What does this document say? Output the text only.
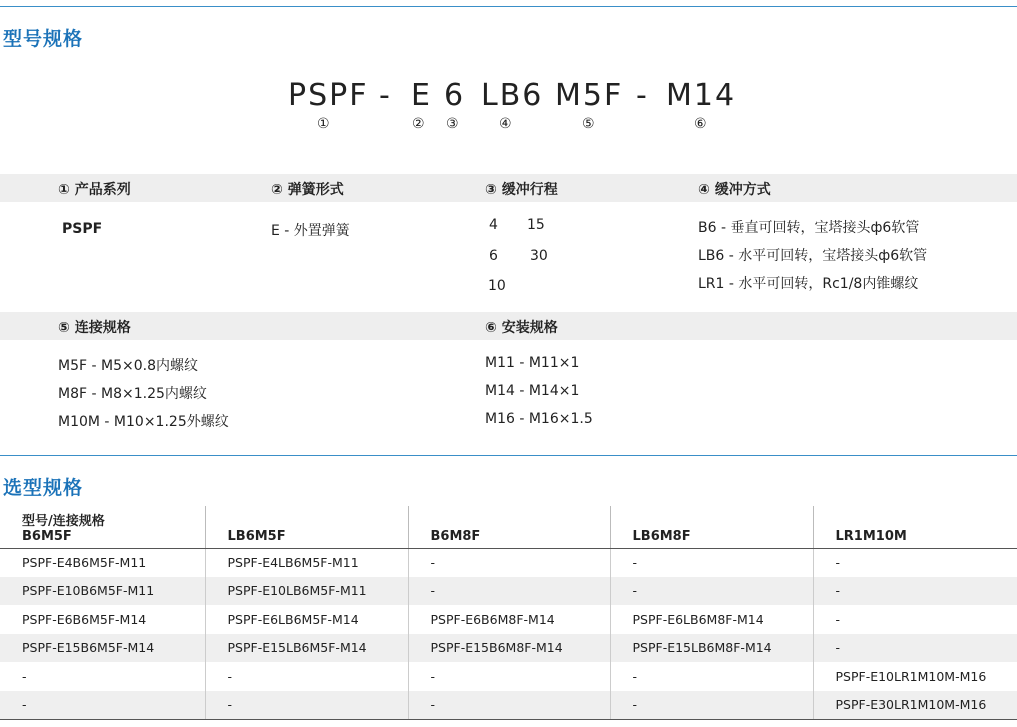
型号规格
PSPF - E 6 LB6 M5F - M14
①	② ③	④	⑤	⑥
① 产品系列	② 弹簧形式	③ 缓冲行程	④ 缓冲方式
PSPF	E - 外置弹簧	4 15
6 30
10
B6 - 垂直可回转，宝塔接头ф6软管
LB6 - 水平可回转，宝塔接头ф6软管
LR1 - 水平可回转，Rc1/8内锥螺纹
⑤ 连接规格	⑥ 安装规格
M5F - M5×0.8内螺纹
M8F - M8×1.25内螺纹
M10M - M10×1.25外螺纹
M11 - M11×1
M14 - M14×1
M16 - M16×1.5
选型规格
型号/连接规格
B6M5F	LB6M5F	B6M8F	LB6M8F	LR1M10M
PSPF-E4B6M5F-M11	PSPF-E4LB6M5F-M11	-	-	-
PSPF-E10B6M5F-M11	PSPF-E10LB6M5F-M11	-	-	-
PSPF-E6B6M5F-M14	PSPF-E6LB6M5F-M14	PSPF-E6B6M8F-M14	PSPF-E6LB6M8F-M14	-
PSPF-E15B6M5F-M14	PSPF-E15LB6M5F-M14	PSPF-E15B6M8F-M14	PSPF-E15LB6M8F-M14	-
-	-	-	-	PSPF-E10LR1M10M-M16
-	-	-	-	PSPF-E30LR1M10M-M16
